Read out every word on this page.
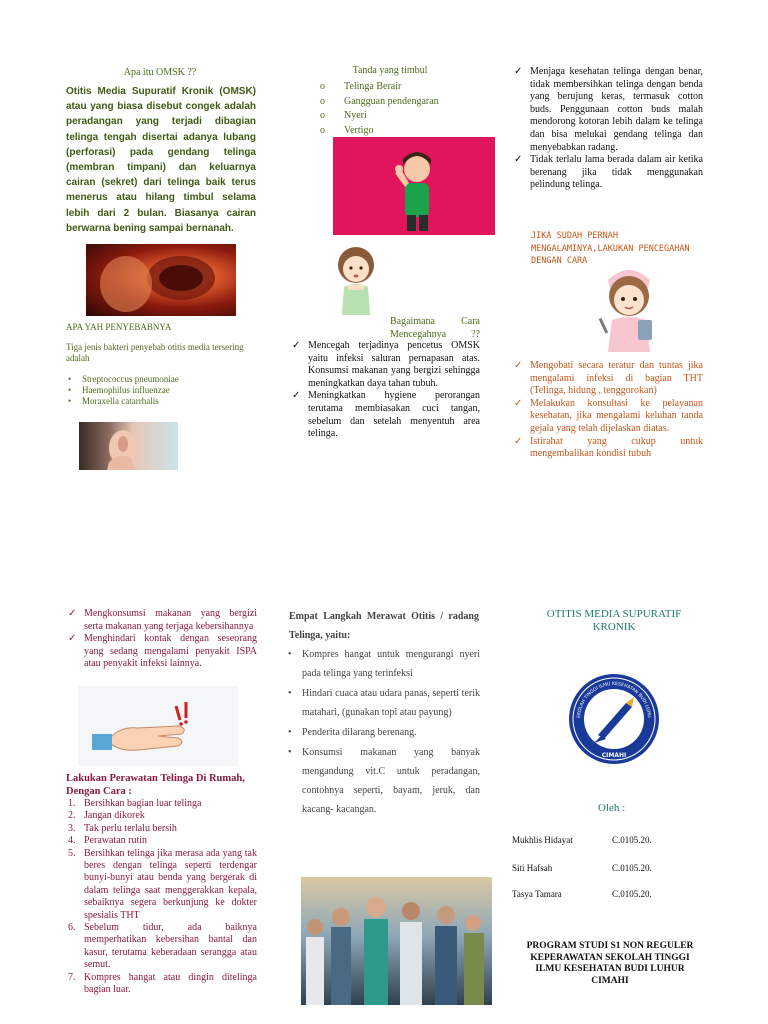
Apa itu OMSK ??
Otitis Media Supuratif Kronik (OMSK) atau yang biasa disebut congek adalah peradangan yang terjadi dibagian telinga tengah disertai adanya lubang (perforasi) pada gendang telinga (membran timpani) dan keluarnya cairan (sekret) dari telinga baik terus menerus atau hilang timbul selama lebih dari 2 bulan. Biasanya cairan berwarna bening sampai bernanah.
APA YAH PENYEBABNYA
Tiga jenis bakteri penyebab otitis media tersering adalah
• Streptococcus pneumoniae
• Haemophilus influenzae
• Moraxella catarrhalis
Tanda yang timbul
o Telinga Berair
o Gangguan pendengaran
o Nyeri
o Vertigo
Bagaimana Cara Mencegahnya ??
✓ Mencegah terjadinya pencetus OMSK yaitu infeksi saluran pernapasan atas. Konsumsi makanan yang bergizi sehingga meningkatkan daya tahan tubuh.
✓ Meningkatkan hygiene perorangan terutama membiasakan cuci tangan, sebelum dan setelah menyentuh area telinga.
✓ Menjaga kesehatan telinga dengan benar, tidak membersihkan telinga dengan benda yang berujung keras, termasuk cotton buds. Penggunaan cotton buds malah mendorong kotoran lebih dalam ke telinga dan bisa melukai gendang telinga dan menyebabkan radang.
✓ Tidak terlalu lama berada dalam air ketika berenang jika tidak menggunakan pelindung telinga.
JIKA SUDAH PERNAH MENGALAMINYA,LAKUKAN PENCEGAHAN DENGAN CARA
✓ Mengobati secara teratur dan tuntas jika mengalami infeksi di bagian THT (Telinga, hidung , tenggorokan)
✓ Melakukan konsultasi ke pelayanan kesehatan, jika mengalami keluhan tanda gejala yang telah dijelaskan diatas.
✓ Istirahat yang cukup untuk mengembalikan kondisi tubuh
✓ Mengkonsumsi makanan yang bergizi serta makanan yang terjaga kebersihannya
✓ Menghindari kontak dengan seseorang yang sedang mengalami penyakit ISPA atau penyakit infeksi lainnya.
Lakukan Perawatan Telinga Di Rumah, Dengan Cara :
1. Bersihkan bagian luar telinga
2. Jangan dikorek
3. Tak perlu terlalu bersih
4. Perawatan rutin
5. Bersihkan telinga jika merasa ada yang tak beres dengan telinga seperti terdengar bunyi-bunyi atau benda yang bergerak di dalam telinga saat menggerakkan kepala, sebaiknya segera berkunjung ke dokter spesialis THT
6. Sebelum tidur, ada baiknya memperhatikan kebersihan bantal dan kasur, terutama keberadaan serangga atau semut.
7. Kompres hangat atau dingin ditelinga bagian luar.
Empat Langkah Merawat Otitis / radang Telinga, yaitu:
• Kompres hangat untuk mengurangi nyeri pada telinga yang terinfeksi
• Hindari cuaca atau udara panas, seperti terik matahari, (gunakan topi atau payung)
• Penderita dilarang berenang.
• Konsumsi makanan yang banyak mengandung vit.C untuk peradangan, contohnya seperti, bayam, jeruk, dan kacang- kacangan.
OTITIS MEDIA SUPURATIF KRONIK
EKOLAH TINGGI ILMU KESEHATAN BUDI LUHU
CIMAHI
Oleh :
Mukhlis Hidayat	C.0105.20.
Siti Hafsah	C.0105.20.
Tasya Tamara	C.0105.20.
PROGRAM STUDI S1 NON REGULER KEPERAWATAN SEKOLAH TINGGI ILMU KESEHATAN BUDI LUHUR CIMAHI
